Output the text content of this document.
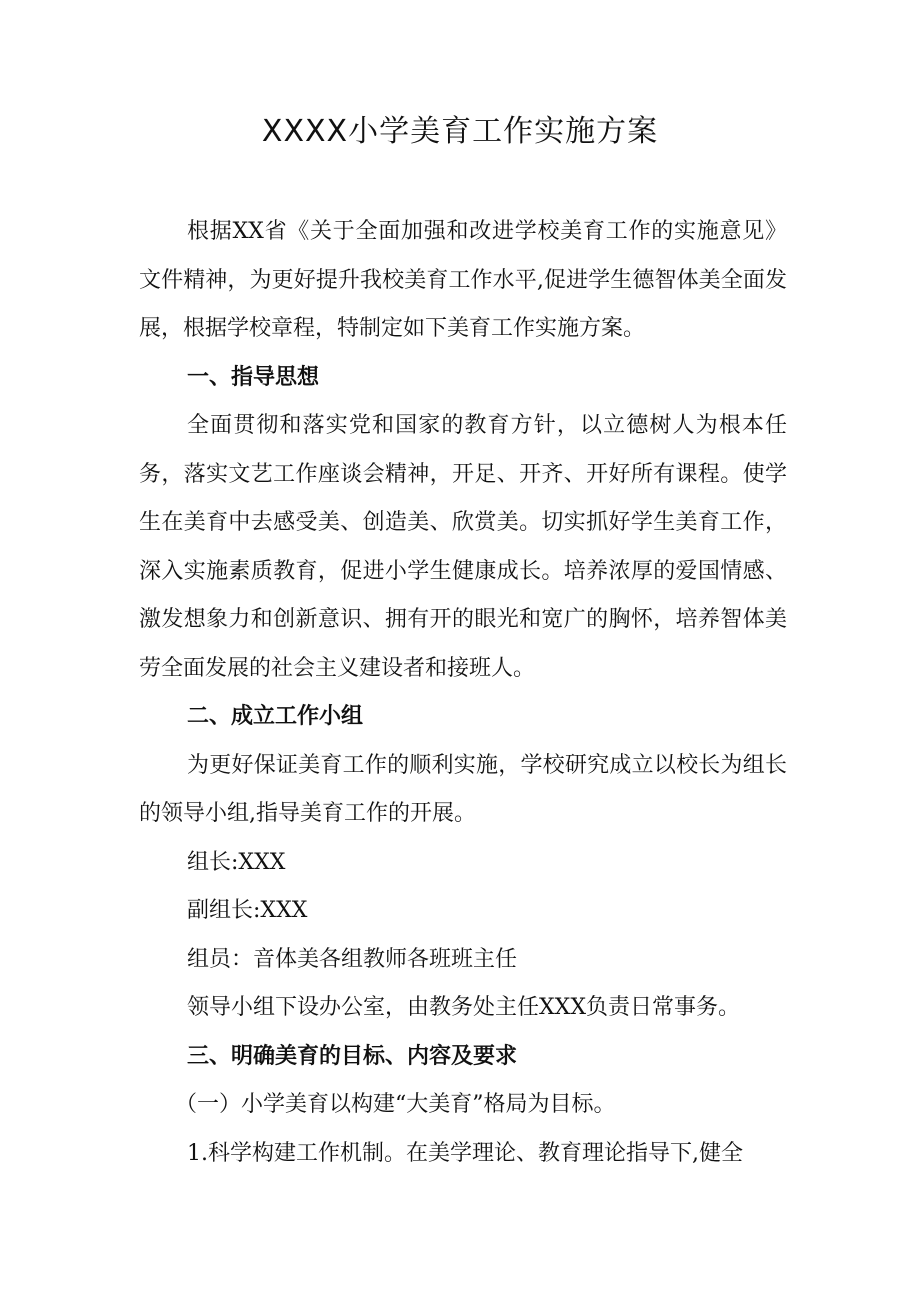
XXXX小学美育工作实施方案

根据XX省《关于全面加强和改进学校美育工作的实施意见》文件精神，为更好提升我校美育工作水平,促进学生德智体美全面发展，根据学校章程，特制定如下美育工作实施方案。

一、指导思想

全面贯彻和落实党和国家的教育方针，以立德树人为根本任务，落实文艺工作座谈会精神，开足、开齐、开好所有课程。使学生在美育中去感受美、创造美、欣赏美。切实抓好学生美育工作，深入实施素质教育，促进小学生健康成长。培养浓厚的爱国情感、激发想象力和创新意识、拥有开的眼光和宽广的胸怀，培养智体美劳全面发展的社会主义建设者和接班人。

二、成立工作小组

为更好保证美育工作的顺利实施，学校研究成立以校长为组长的领导小组,指导美育工作的开展。

组长:XXX

副组长:XXX

组员：音体美各组教师各班班主任

领导小组下设办公室，由教务处主任XXX负责日常事务。

三、明确美育的目标、内容及要求

（一）小学美育以构建“大美育”格局为目标。

1.科学构建工作机制。在美学理论、教育理论指导下,健全
